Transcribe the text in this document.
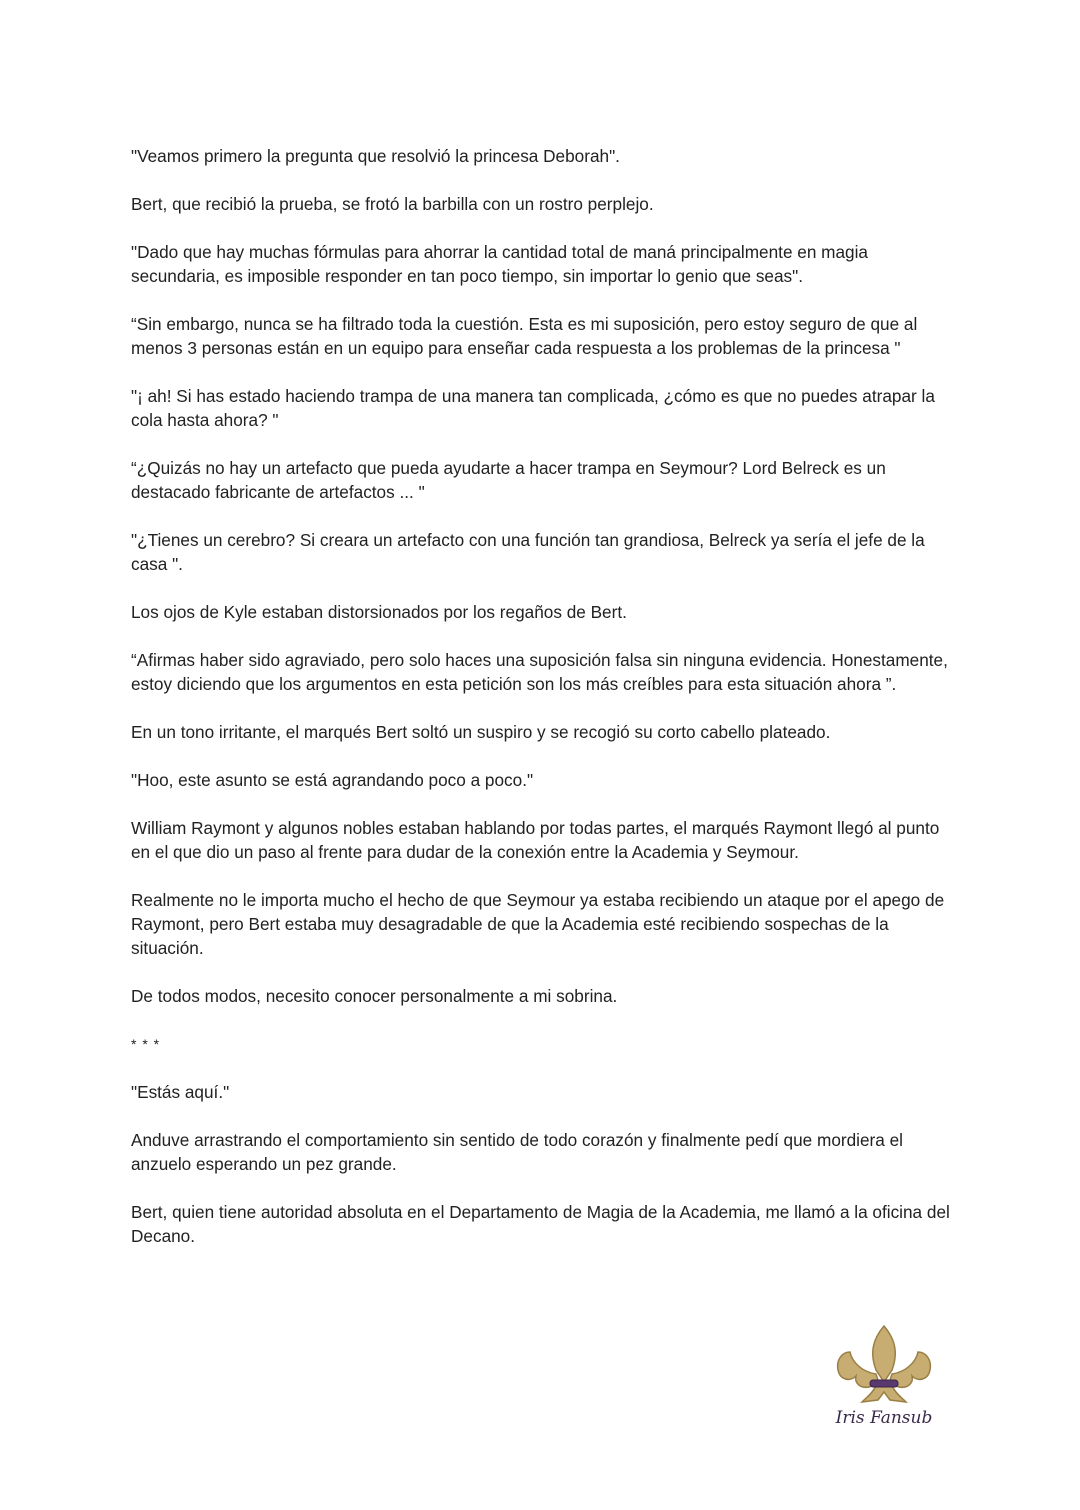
"Veamos primero la pregunta que resolvió la princesa Deborah".

Bert, que recibió la prueba, se frotó la barbilla con un rostro perplejo.

"Dado que hay muchas fórmulas para ahorrar la cantidad total de maná principalmente en magia secundaria, es imposible responder en tan poco tiempo, sin importar lo genio que seas".

“Sin embargo, nunca se ha filtrado toda la cuestión. Esta es mi suposición, pero estoy seguro de que al menos 3 personas están en un equipo para enseñar cada respuesta a los problemas de la princesa "

"¡ ah! Si has estado haciendo trampa de una manera tan complicada, ¿cómo es que no puedes atrapar la cola hasta ahora? "

“¿Quizás no hay un artefacto que pueda ayudarte a hacer trampa en Seymour? Lord Belreck es un destacado fabricante de artefactos ... "

"¿Tienes un cerebro? Si creara un artefacto con una función tan grandiosa, Belreck ya sería el jefe de la casa ".

Los ojos de Kyle estaban distorsionados por los regaños de Bert.

“Afirmas haber sido agraviado, pero solo haces una suposición falsa sin ninguna evidencia. Honestamente, estoy diciendo que los argumentos en esta petición son los más creíbles para esta situación ahora ”.

En un tono irritante, el marqués Bert soltó un suspiro y se recogió su corto cabello plateado.

"Hoo, este asunto se está agrandando poco a poco."

William Raymont y algunos nobles estaban hablando por todas partes, el marqués Raymont llegó al punto en el que dio un paso al frente para dudar de la conexión entre la Academia y Seymour.

Realmente no le importa mucho el hecho de que Seymour ya estaba recibiendo un ataque por el apego de Raymont, pero Bert estaba muy desagradable de que la Academia esté recibiendo sospechas de la situación.

De todos modos, necesito conocer personalmente a mi sobrina.

* * *

"Estás aquí."

Anduve arrastrando el comportamiento sin sentido de todo corazón y finalmente pedí que mordiera el anzuelo esperando un pez grande.

Bert, quien tiene autoridad absoluta en el Departamento de Magia de la Academia, me llamó a la oficina del Decano.

Iris Fansub
